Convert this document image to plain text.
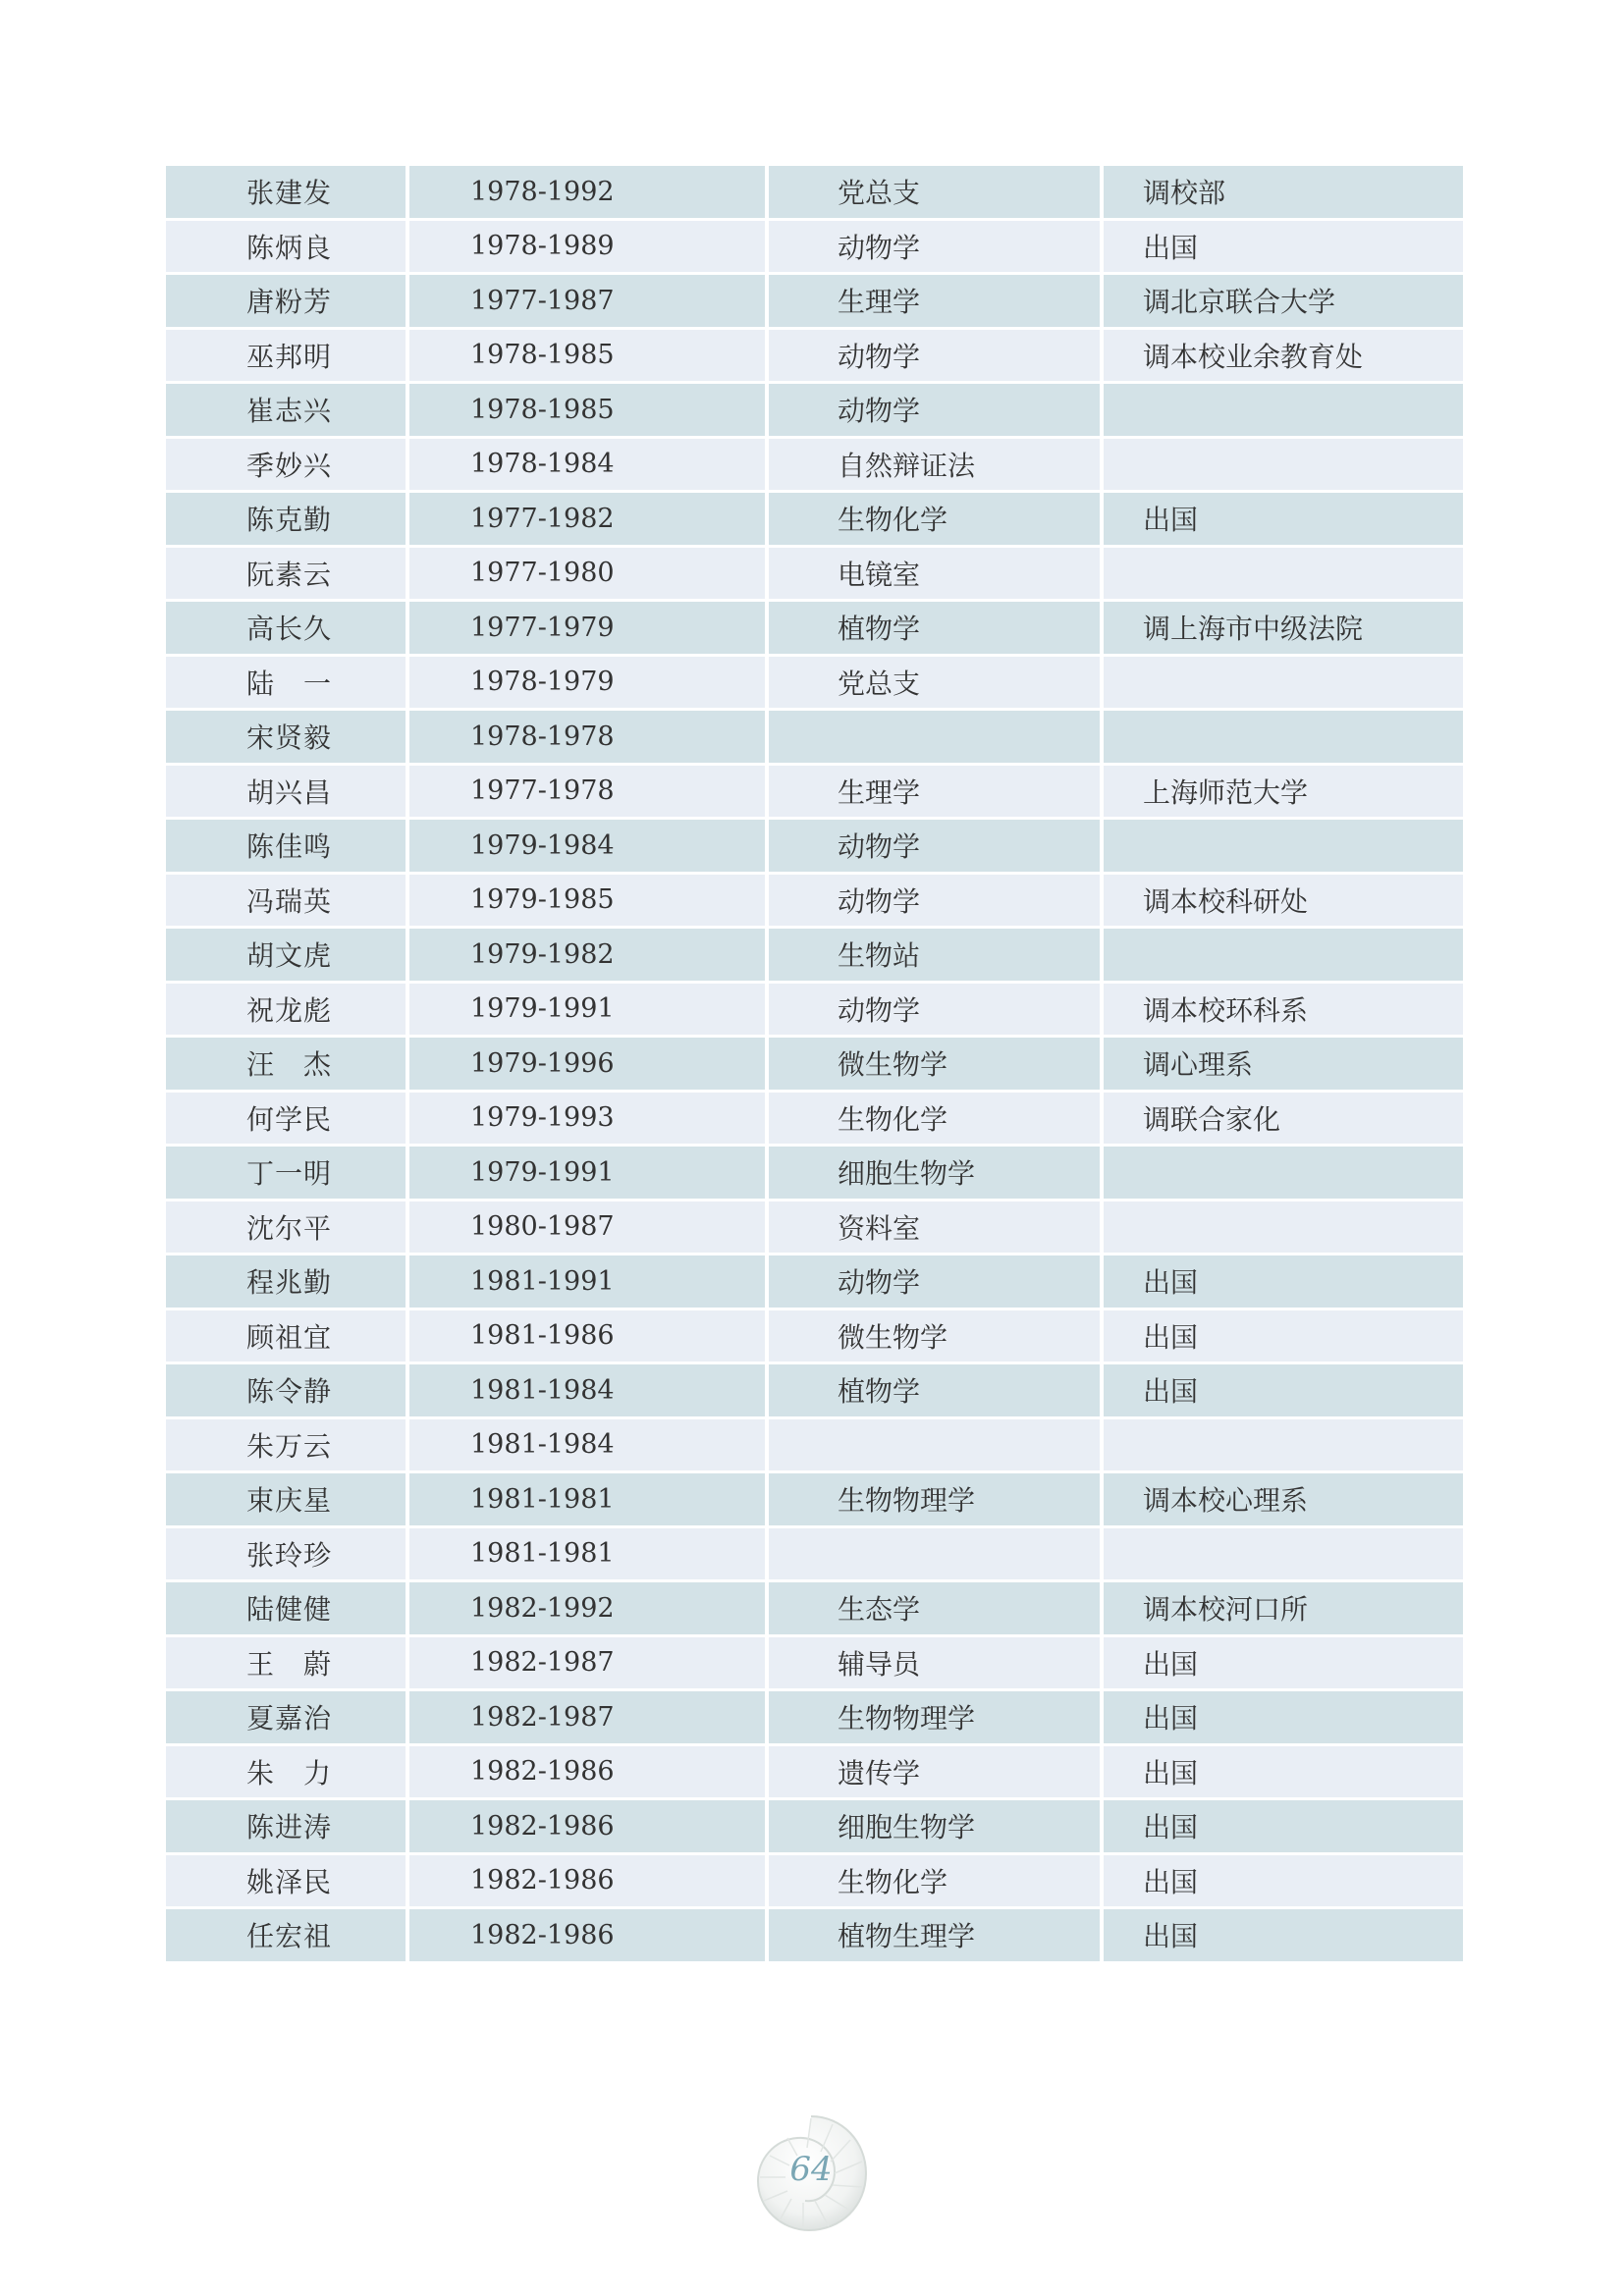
张建发	1978-1992	党总支	调校部
陈炳良	1978-1989	动物学	出国
唐粉芳	1977-1987	生理学	调北京联合大学
巫邦明	1978-1985	动物学	调本校业余教育处
崔志兴	1978-1985	动物学	
季妙兴	1978-1984	自然辩证法	
陈克勤	1977-1982	生物化学	出国
阮素云	1977-1980	电镜室	
高长久	1977-1979	植物学	调上海市中级法院
陆　一	1978-1979	党总支	
宋贤毅	1978-1978		
胡兴昌	1977-1978	生理学	上海师范大学
陈佳鸣	1979-1984	动物学	
冯瑞英	1979-1985	动物学	调本校科研处
胡文虎	1979-1982	生物站	
祝龙彪	1979-1991	动物学	调本校环科系
汪　杰	1979-1996	微生物学	调心理系
何学民	1979-1993	生物化学	调联合家化
丁一明	1979-1991	细胞生物学	
沈尔平	1980-1987	资料室	
程兆勤	1981-1991	动物学	出国
顾祖宜	1981-1986	微生物学	出国
陈令静	1981-1984	植物学	出国
朱万云	1981-1984		
束庆星	1981-1981	生物物理学	调本校心理系
张玲珍	1981-1981		
陆健健	1982-1992	生态学	调本校河口所
王　蔚	1982-1987	辅导员	出国
夏嘉治	1982-1987	生物物理学	出国
朱　力	1982-1986	遗传学	出国
陈进涛	1982-1986	细胞生物学	出国
姚泽民	1982-1986	生物化学	出国
任宏祖	1982-1986	植物生理学	出国
64
